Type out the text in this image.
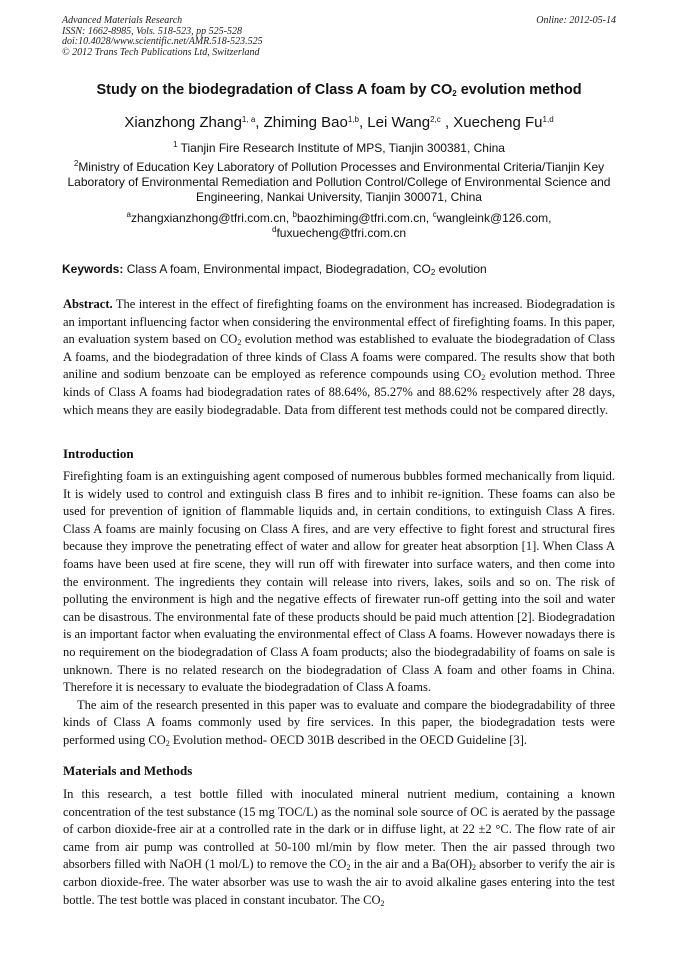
Advanced Materials Research
ISSN: 1662-8985, Vols. 518-523, pp 525-528
doi:10.4028/www.scientific.net/AMR.518-523.525
© 2012 Trans Tech Publications Ltd, Switzerland
Online: 2012-05-14
Study on the biodegradation of Class A foam by $CO_2$ evolution method
Xianzhong Zhang$^{1, a}$, Zhiming Bao$^{1,b}$, Lei Wang$^{2,c}$ , Xuecheng Fu$^{1,d}$
$^1$ Tianjin Fire Research Institute of MPS, Tianjin 300381, China
$^2$Ministry of Education Key Laboratory of Pollution Processes and Environmental Criteria/Tianjin Key Laboratory of Environmental Remediation and Pollution Control/College of Environmental Science and Engineering, Nankai University, Tianjin 300071, China
$^a$zhangxianzhong@tfri.com.cn, $^b$baozhiming@tfri.com.cn, $^c$wangleink@126.com,
$^d$fuxuecheng@tfri.com.cn
Keywords: Class A foam, Environmental impact, Biodegradation, $CO_2$ evolution
Abstract. The interest in the effect of firefighting foams on the environment has increased. Biodegradation is an important influencing factor when considering the environmental effect of firefighting foams. In this paper, an evaluation system based on $CO_2$ evolution method was established to evaluate the biodegradation of Class A foams, and the biodegradation of three kinds of Class A foams were compared. The results show that both aniline and sodium benzoate can be employed as reference compounds using $CO_2$ evolution method. Three kinds of Class A foams had biodegradation rates of 88.64%, 85.27% and 88.62% respectively after 28 days, which means they are easily biodegradable. Data from different test methods could not be compared directly.
Introduction

Firefighting foam is an extinguishing agent composed of numerous bubbles formed mechanically from liquid. It is widely used to control and extinguish class B fires and to inhibit re-ignition. These foams can also be used for prevention of ignition of flammable liquids and, in certain conditions, to extinguish Class A fires. Class A foams are mainly focusing on Class A fires, and are very effective to fight forest and structural fires because they improve the penetrating effect of water and allow for greater heat absorption [1]. When Class A foams have been used at fire scene, they will run off with firewater into surface waters, and then come into the environment. The ingredients they contain will release into rivers, lakes, soils and so on. The risk of polluting the environment is high and the negative effects of firewater run-off getting into the soil and water can be disastrous. The environmental fate of these products should be paid much attention [2]. Biodegradation is an important factor when evaluating the environmental effect of Class A foams. However nowadays there is no requirement on the biodegradation of Class A foam products; also the biodegradability of foams on sale is unknown. There is no related research on the biodegradation of Class A foam and other foams in China. Therefore it is necessary to evaluate the biodegradation of Class A foams.

The aim of the research presented in this paper was to evaluate and compare the biodegradability of three kinds of Class A foams commonly used by fire services. In this paper, the biodegradation tests were performed using $CO_2$ Evolution method- OECD 301B described in the OECD Guideline [3].

Materials and Methods
In this research, a test bottle filled with inoculated mineral nutrient medium, containing a known concentration of the test substance (15 mg TOC/L) as the nominal sole source of OC is aerated by the passage of carbon dioxide-free air at a controlled rate in the dark or in diffuse light, at 22 ±2 °C. The flow rate of air came from air pump was controlled at 50-100 ml/min by flow meter. Then the air passed through two absorbers filled with NaOH (1 mol/L) to remove the $CO_2$ in the air and a $Ba(OH)_2$ absorber to verify the air is carbon dioxide-free. The water absorber was use to wash the air to avoid alkaline gases entering into the test bottle. The test bottle was placed in constant incubator. The $CO_2$
